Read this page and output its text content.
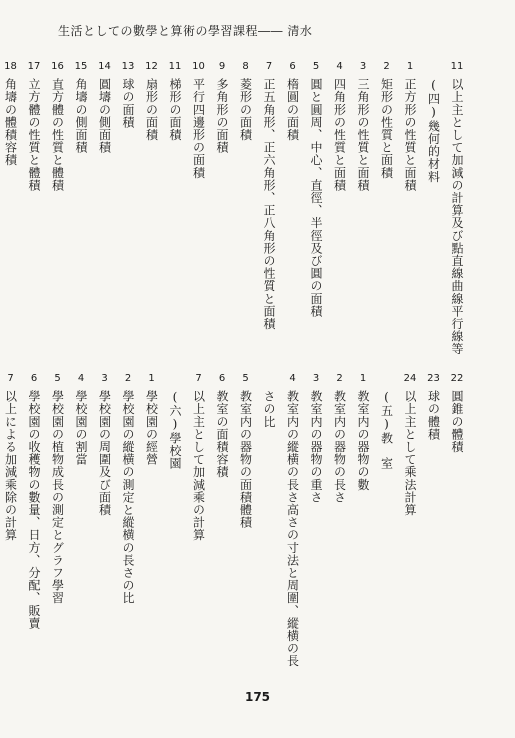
生活としての數學と算術の學習課程―― 清水
11
以上主として加減の計算及び點直線曲線平行線等
(四)幾何的材料
1
正方形の性質と面積
2
矩形の性質と面積
3
三角形の性質と面積
4
四角形の性質と面積
5
圓と圓周、中心、直徑、半徑及び圓の面積
6
楕圓の面積
7
正五角形、正六角形、正八角形の性質と面積
8
菱形の面積
9
多角形の面積
10
平行四邊形の面積
11
梯形の面積
12
扇形の面積
13
球の面積
14
圓壔の側面積
15
角壔の側面積
16
直方體の性質と體積
17
立方體の性質と體積
18
角壔の體積容積
22
圓錐の體積
23
球の體積
24
以上主として乘法計算
(五)教　室
1
教室内の器物の數
2
教室内の器物の長さ
3
教室内の器物の重さ
4
教室内の縱横の長さ高さの寸法と周圍、縱横の長
さの比
5
教室内の器物の面積體積
6
教室の面積容積
7
以上主として加減乘の計算
(六)學校園
1
學校園の經營
2
學校園の縱横の測定と縱横の長さの比
3
學校園の周圍及び面積
4
學校園の割當
5
學校園の植物成長の測定とグラフ學習
6
學校園の收穫物の數量、日方、分配、販賣
7
以上による加減乘除の計算
175
